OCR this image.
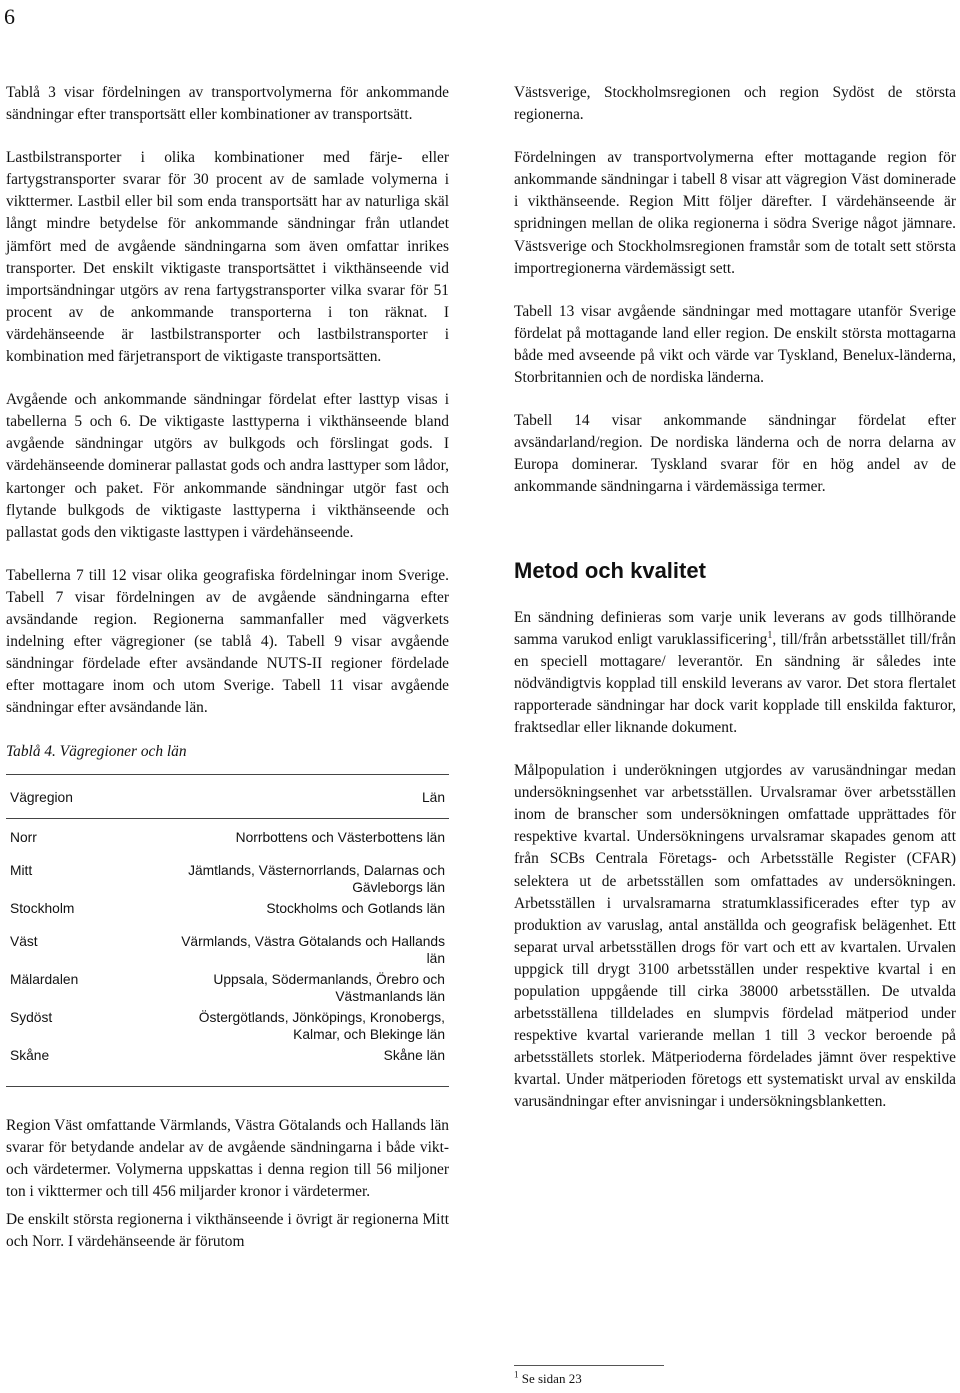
6

Tablå 3 visar fördelningen av transportvolymerna för ankommande sändningar efter transportsätt eller kombinationer av transportsätt.

Lastbilstransporter i olika kombinationer med färje- eller fartygstransporter svarar för 30 procent av de samlade volymerna i vikttermer. Lastbil eller bil som enda transportsätt har av naturliga skäl långt mindre betydelse för ankommande sändningar från utlandet jämfört med de avgående sändningarna som även omfattar inrikes transporter. Det enskilt viktigaste transportsättet i vikthänseende vid importsändningar utgörs av rena fartygstransporter vilka svarar för 51 procent av de ankommande transporterna i ton räknat. I värdehänseende är lastbilstransporter och lastbilstransporter i kombination med färjetransport de viktigaste transportsätten.

Avgående och ankommande sändningar fördelat efter lasttyp visas i tabellerna 5 och 6. De viktigaste lasttyperna i vikthänseende bland avgående sändningar utgörs av bulkgods och förslingat gods. I värdehänseende dominerar pallastat gods och andra lasttyper som lådor, kartonger och paket. För ankommande sändningar utgör fast och flytande bulkgods de viktigaste lasttyperna i vikthänseende och pallastat gods den viktigaste lasttypen i värdehänseende.

Tabellerna 7 till 12 visar olika geografiska fördelningar inom Sverige. Tabell 7 visar fördelningen av de avgående sändningarna efter avsändande region. Regionerna sammanfaller med vägverkets indelning efter vägregioner (se tablå 4). Tabell 9 visar avgående sändningar fördelade efter avsändande NUTS-II regioner fördelade efter mottagare inom och utom Sverige. Tabell 11 visar avgående sändningar efter avsändande län.

Tablå 4. Vägregioner och län
Vägregion	Län
Norr	Norrbottens och Västerbottens län
Mitt	Jämtlands, Västernorrlands, Dalarnas och Gävleborgs län
Stockholm	Stockholms och Gotlands län
Väst	Värmlands, Västra Götalands och Hallands län
Mälardalen	Uppsala, Södermanlands, Örebro och Västmanlands län
Sydöst	Östergötlands, Jönköpings, Kronobergs, Kalmar, och Blekinge län
Skåne	Skåne län

Region Väst omfattande Värmlands, Västra Götalands och Hallands län svarar för betydande andelar av de avgående sändningarna i både vikt- och värdetermer. Volymerna uppskattas i denna region till 56 miljoner ton i vikttermer och till 456 miljarder kronor i värdetermer.

De enskilt största regionerna i vikthänseende i övrigt är regionerna Mitt och Norr. I värdehänseende är förutom

Västsverige, Stockholmsregionen och region Sydöst de största regionerna.

Fördelningen av transportvolymerna efter mottagande region för ankommande sändningar i tabell 8 visar att vägregion Väst dominerade i vikthänseende. Region Mitt följer därefter. I värdehänseende är spridningen mellan de olika regionerna i södra Sverige något jämnare. Västsverige och Stockholmsregionen framstår som de totalt sett största importregionerna värdemässigt sett.

Tabell 13 visar avgående sändningar med mottagare utanför Sverige fördelat på mottagande land eller region. De enskilt största mottagarna både med avseende på vikt och värde var Tyskland, Benelux-länderna, Storbritannien och de nordiska länderna.

Tabell 14 visar ankommande sändningar fördelat efter avsändarland/region. De nordiska länderna och de norra delarna av Europa dominerar. Tyskland svarar för en hög andel av de ankommande sändningarna i värdemässiga termer.

Metod och kvalitet

En sändning definieras som varje unik leverans av gods tillhörande samma varukod enligt varuklassificering$^1$, till/från arbetsstället till/från en speciell mottagare/ leverantör. En sändning är således inte nödvändigtvis kopplad till enskild leverans av varor. Det stora flertalet rapporterade sändningar har dock varit kopplade till enskilda fakturor, fraktsedlar eller liknande dokument.

Målpopulation i underökningen utgjordes av varusändningar medan undersökningsenhet var arbetsställen. Urvalsramar över arbetsställen inom de branscher som undersökningen omfattade upprättades för respektive kvartal. Undersökningens urvalsramar skapades genom att från SCBs Centrala Företags- och Arbetsställe Register (CFAR) selektera ut de arbetsställen som omfattades av undersökningen. Arbetsställen i urvalsramarna stratumklassificerades efter typ av produktion av varuslag, antal anställda och geografisk belägenhet. Ett separat urval arbetsställen drogs för vart och ett av kvartalen. Urvalen uppgick till drygt 3100 arbetsställen under respektive kvartal i en population uppgående till cirka 38000 arbetsställen. De utvalda arbetsställena tilldelades en slumpvis fördelad mätperiod under respektive kvartal varierande mellan 1 till 3 veckor beroende på arbetsställets storlek. Mätperioderna fördelades jämnt över respektive kvartal. Under mätperioden företogs ett systematiskt urval av enskilda varusändningar efter anvisningar i undersökningsblanketten.

$^1$ Se sidan 23
